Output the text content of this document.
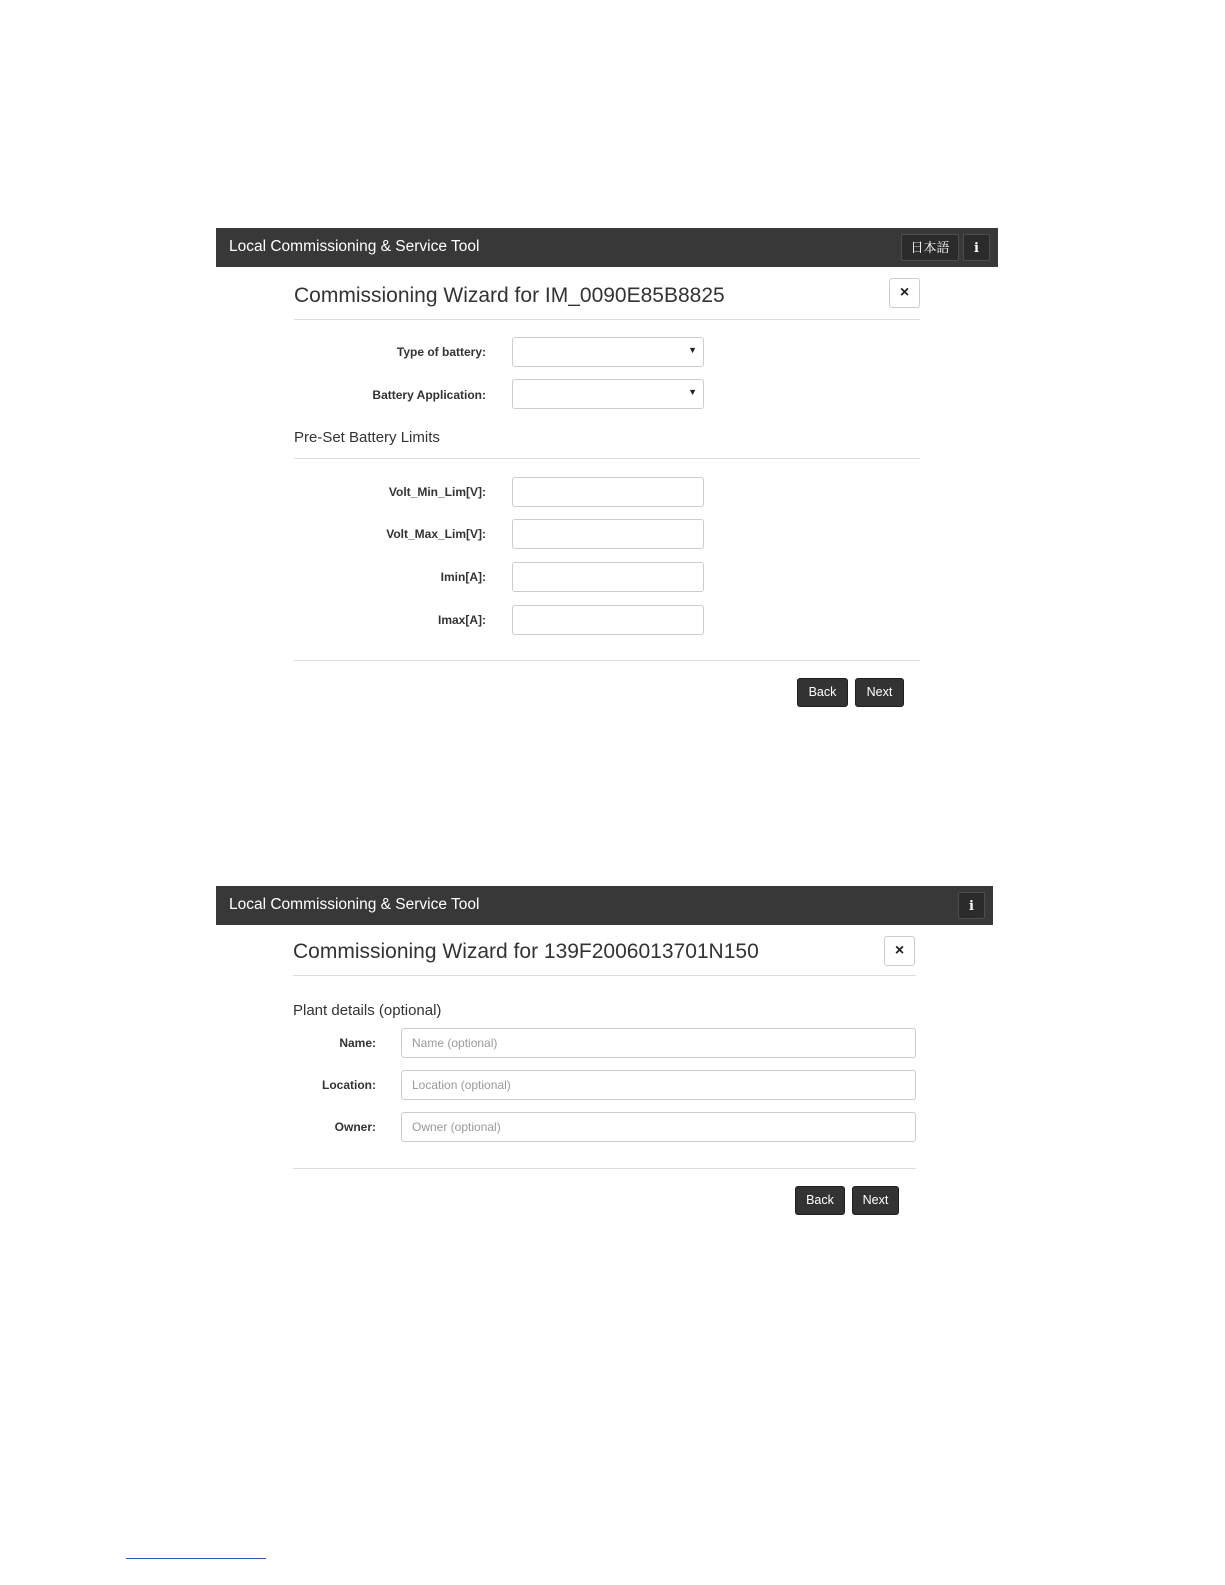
Local Commissioning & Service Tool	日本語	i
Commissioning Wizard for IM_0090E85B8825	×
Type of battery:	▼
Battery Application:	▼
Pre-Set Battery Limits
Volt_Min_Lim[V]:
Volt_Max_Lim[V]:
Imin[A]:
Imax[A]:
Back	Next
Local Commissioning & Service Tool	i
Commissioning Wizard for 139F2006013701N150	×
Plant details (optional)
Name:
Name (optional)
Location:
Location (optional)
Owner:
Owner (optional)
Back	Next
